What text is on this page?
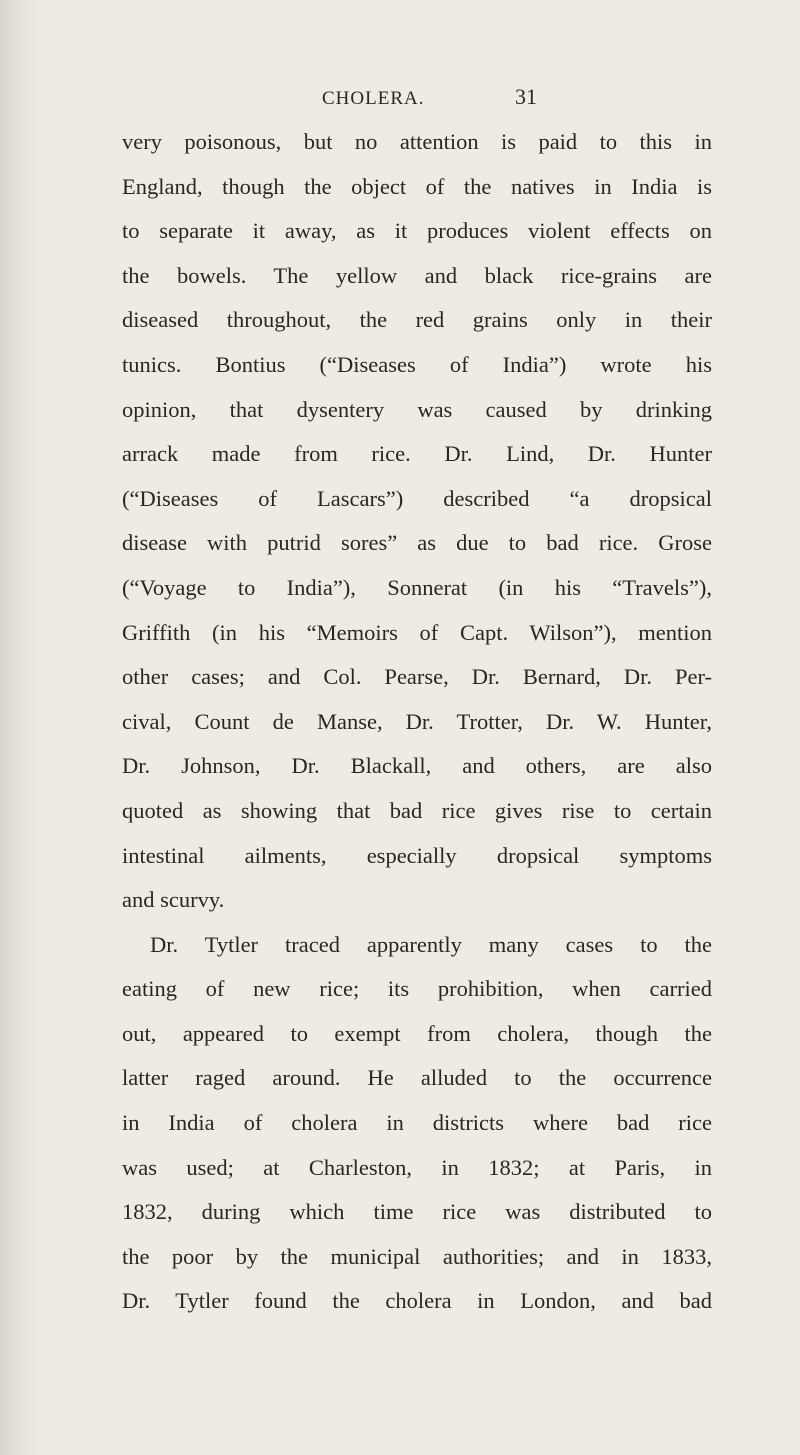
CHOLERA.	31
very poisonous, but no attention is paid to this in
England, though the object of the natives in India is
to separate it away, as it produces violent effects on
the bowels. The yellow and black rice-grains are
diseased throughout, the red grains only in their
tunics. Bontius (“Diseases of India”) wrote his
opinion, that dysentery was caused by drinking
arrack made from rice. Dr. Lind, Dr. Hunter
(“Diseases of Lascars”) described “a dropsical
disease with putrid sores” as due to bad rice. Grose
(“Voyage to India”), Sonnerat (in his “Travels”),
Griffith (in his “Memoirs of Capt. Wilson”), mention
other cases; and Col. Pearse, Dr. Bernard, Dr. Per-
cival, Count de Manse, Dr. Trotter, Dr. W. Hunter,
Dr. Johnson, Dr. Blackall, and others, are also
quoted as showing that bad rice gives rise to certain
intestinal ailments, especially dropsical symptoms
and scurvy.
Dr. Tytler traced apparently many cases to the
eating of new rice; its prohibition, when carried
out, appeared to exempt from cholera, though the
latter raged around. He alluded to the occurrence
in India of cholera in districts where bad rice
was used; at Charleston, in 1832; at Paris, in
1832, during which time rice was distributed to
the poor by the municipal authorities; and in 1833,
Dr. Tytler found the cholera in London, and bad
